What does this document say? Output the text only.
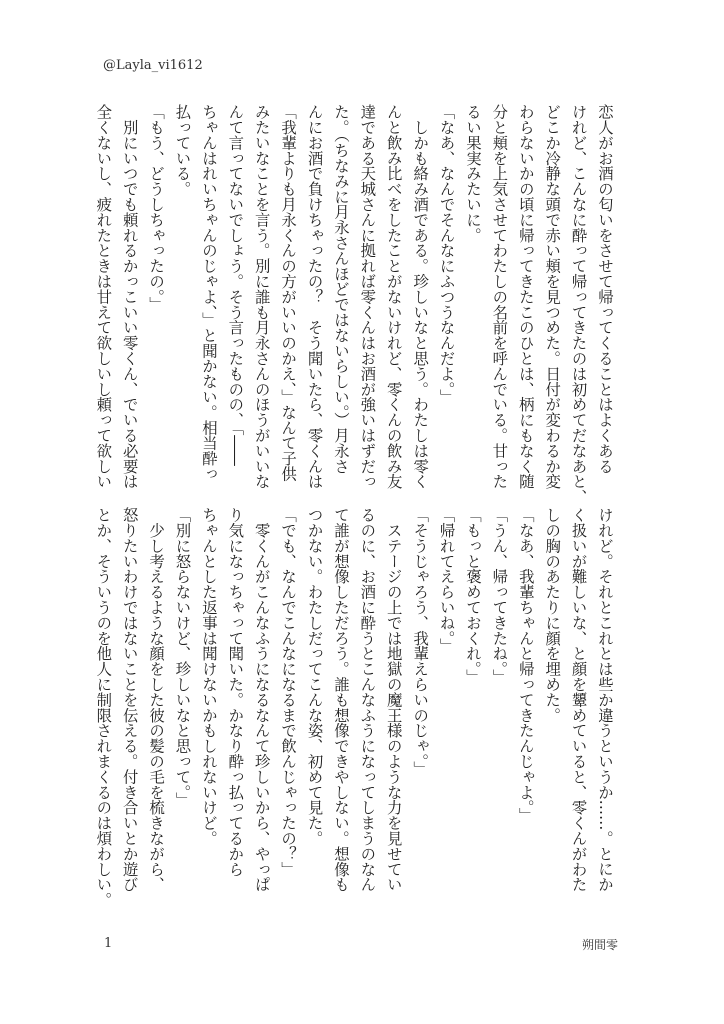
@Layla_vi1612
恋人がお酒の匂いをさせて帰ってくることはよくある
けれど、こんなに酔って帰ってきたのは初めてだなあと、
どこか冷静な頭で赤い頬を見つめた。日付が変わるか変
わらないかの頃に帰ってきたこのひとは、柄にもなく随
分と頬を上気させてわたしの名前を呼んでいる。甘った
るい果実みたいに。
「なあ、なんでそんなにふつうなんだよ。」
　しかも絡み酒である。珍しいなと思う。わたしは零く
んと飲み比べをしたことがないけれど、零くんの飲み友
達である天城さんに拠れば零くんはお酒が強いはずだっ
た。（ちなみに月永さんほどではないらしい。）月永さ
んにお酒で負けちゃったの？　そう聞いたら、零くんは
「我輩よりも月永くんの方がいいのかえ、」なんて子供
みたいなことを言う。別に誰も月永さんのほうがいいな
んて言ってないでしょう。そう言ったものの、「――
ちゃんはれいちゃんのじゃよ、」と聞かない。相当酔っ
払っている。
「もう、どうしちゃったの。」
　別にいつでも頼れるかっこいい零くん、でいる必要は
全くないし、疲れたときは甘えて欲しいし頼って欲しい
けれど。それとこれとは些か違うというか……。とにか
く扱いが難しいな、と顔を顰めていると、零くんがわた
しの胸のあたりに顔を埋めた。
「なあ、我輩ちゃんと帰ってきたんじゃよ。」
「うん、帰ってきたね。」
「もっと褒めておくれ。」
「帰れてえらいね。」
「そうじゃろう、我輩えらいのじゃ。」
　ステージの上では地獄の魔王様のような力を見せてい
るのに、お酒に酔うとこんなふうになってしまうのなん
て誰が想像しただろう。誰も想像できやしない。想像も
つかない。わたしだってこんな姿、初めて見た。
「でも、なんでこんなになるまで飲んじゃったの？」
　零くんがこんなふうになるなんて珍しいから、やっぱ
り気になっちゃって聞いた。かなり酔っ払ってるから
ちゃんとした返事は聞けないかもしれないけど。
「別に怒らないけど、珍しいなと思って。」
　少し考えるような顔をした彼の髪の毛を梳きながら、
怒りたいわけではないことを伝える。付き合いとか遊び
とか、そういうのを他人に制限されまくるのは煩わしい。
1	朔間零
